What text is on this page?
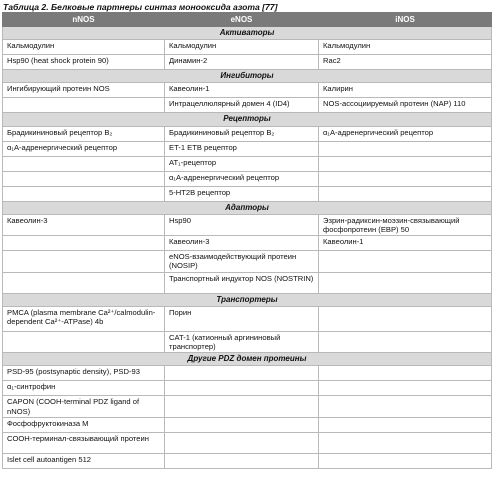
Таблица 2. Белковые партнеры синтаз монооксида азота [77]
nNOS	eNOS	iNOS
Активаторы		
Кальмодулин	Кальмодулин	Кальмодулин
Hsp90 (heat shock protein 90)	Динамин-2	Rac2
Ингибиторы		
Ингибирующий протеин NOS	Кавеолин-1	Калирин
	Интрацеллюлярный домен 4 (ID4)	NOS-ассоциируемый протеин (NAP) 110
Рецепторы		
Брадикининовый рецептор B₂	Брадикининовый рецептор B₂	α₁A-адренергический рецептор
α₁A-адренергический рецептор	ET-1 ETB рецептор	
	AT₁-рецептор	
	α₁A-адренергический рецептор	
	5-HT2B рецептор	
Адапторы		
Кавеолин-3	Hsp90	Эзрин-радиксин-моэзин-связывающий фосфопротеин (EBP) 50
	Кавеолин-3	Кавеолин-1
	eNOS-взаимодействующий протеин (NOSIP)	
	Транспортный индуктор NOS (NOSTRIN)	
Транспортеры		
PMCA (plasma membrane Ca²⁺/calmodulin-dependent Ca²⁺-ATPase) 4b	Порин	
	CAT-1 (катионный аргининовый транспортер)	
Другие PDZ домен протеины		
PSD-95 (postsynaptic density), PSD-93		
α₁-синтрофин		
CAPON (COOH-terminal PDZ ligand of nNOS)		
Фосфофруктокиназа M		
COOH-терминал-связывающий протеин		
Islet cell autoantigen 512		
